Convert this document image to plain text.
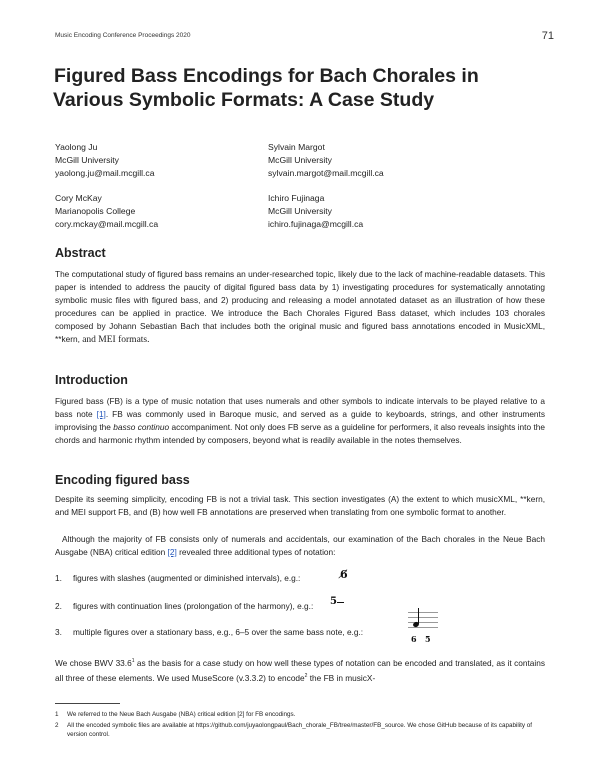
Music Encoding Conference Proceedings 2020	71
Figured Bass Encodings for Bach Chorales in
Various Symbolic Formats: A Case Study
Yaolong Ju
McGill University
yaolong.ju@mail.mcgill.ca
Sylvain Margot
McGill University
sylvain.margot@mail.mcgill.ca
Cory McKay
Marianopolis College
cory.mckay@mail.mcgill.ca
Ichiro Fujinaga
McGill University
ichiro.fujinaga@mcgill.ca
Abstract

The computational study of figured bass remains an under-researched topic, likely due to the lack of machine-readable datasets. This paper is intended to address the paucity of digital figured bass data by 1) investigating procedures for systematically annotating symbolic music files with figured bass, and 2) producing and releasing a model annotated dataset as an illustration of how these procedures can be applied in practice. We introduce the Bach Chorales Figured Bass dataset, which includes 103 chorales composed by Johann Sebastian Bach that includes both the original music and figured bass annotations encoded in MusicXML, **kern, and MEI formats.

Introduction

Figured bass (FB) is a type of music notation that uses numerals and other symbols to indicate intervals to be played relative to a bass note [1]. FB was commonly used in Baroque music, and served as a guide to keyboards, strings, and other instruments improvising the basso continuo accompaniment. Not only does FB serve as a guideline for performers, it also reveals insights into the chords and harmonic rhythm intended by composers, beyond what is readily available in the notes themselves.

Encoding figured bass

Despite its seeming simplicity, encoding FB is not a trivial task. This section investigates (A) the extent to which musicXML, **kern, and MEI support FB, and (B) how well FB annotations are preserved when translating from one symbolic format to another.

Although the majority of FB consists only of numerals and accidentals, our examination of the Bach chorales in the Neue Bach Ausgabe (NBA) critical edition [2] revealed three additional types of notation:

1. figures with slashes (augmented or diminished intervals), e.g.:	6̸
2. figures with continuation lines (prolongation of the harmony), e.g.: 5
3. multiple figures over a stationary bass, e.g., 6–5 over the same bass note, e.g.:
6 5

We chose BWV 33.6$^1$ as the basis for a case study on how well these types of notation can be encoded and translated, as it contains all three of these elements. We used MuseScore (v.3.3.2) to encode$^2$ the FB in musicX-

1 We referred to the Neue Bach Ausgabe (NBA) critical edition [2] for FB encodings.
2 All the encoded symbolic files are available at https://github.com/juyaolongpaul/Bach_chorale_FB/tree/master/FB_source. We chose GitHub because of its capability of version control.
